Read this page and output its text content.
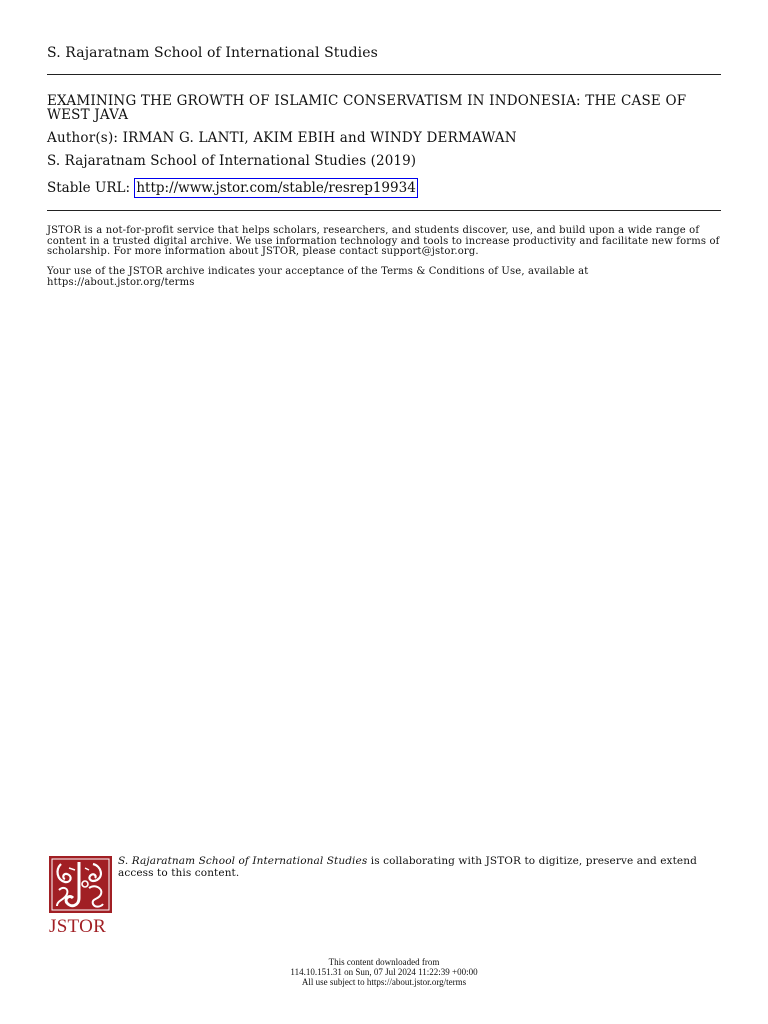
S. Rajaratnam School of International Studies
EXAMINING THE GROWTH OF ISLAMIC CONSERVATISM IN INDONESIA: THE CASE OF WEST JAVA
Author(s): IRMAN G. LANTI, AKIM EBIH and WINDY DERMAWAN
S. Rajaratnam School of International Studies (2019)
Stable URL: http://www.jstor.com/stable/resrep19934
JSTOR is a not-for-profit service that helps scholars, researchers, and students discover, use, and build upon a wide range of content in a trusted digital archive. We use information technology and tools to increase productivity and facilitate new forms of scholarship. For more information about JSTOR, please contact support@jstor.org.
Your use of the JSTOR archive indicates your acceptance of the Terms & Conditions of Use, available at https://about.jstor.org/terms
JSTOR
S. Rajaratnam School of International Studies is collaborating with JSTOR to digitize, preserve and extend access to this content.
This content downloaded from
114.10.151.31 on Sun, 07 Jul 2024 11:22:39 +00:00
All use subject to https://about.jstor.org/terms
